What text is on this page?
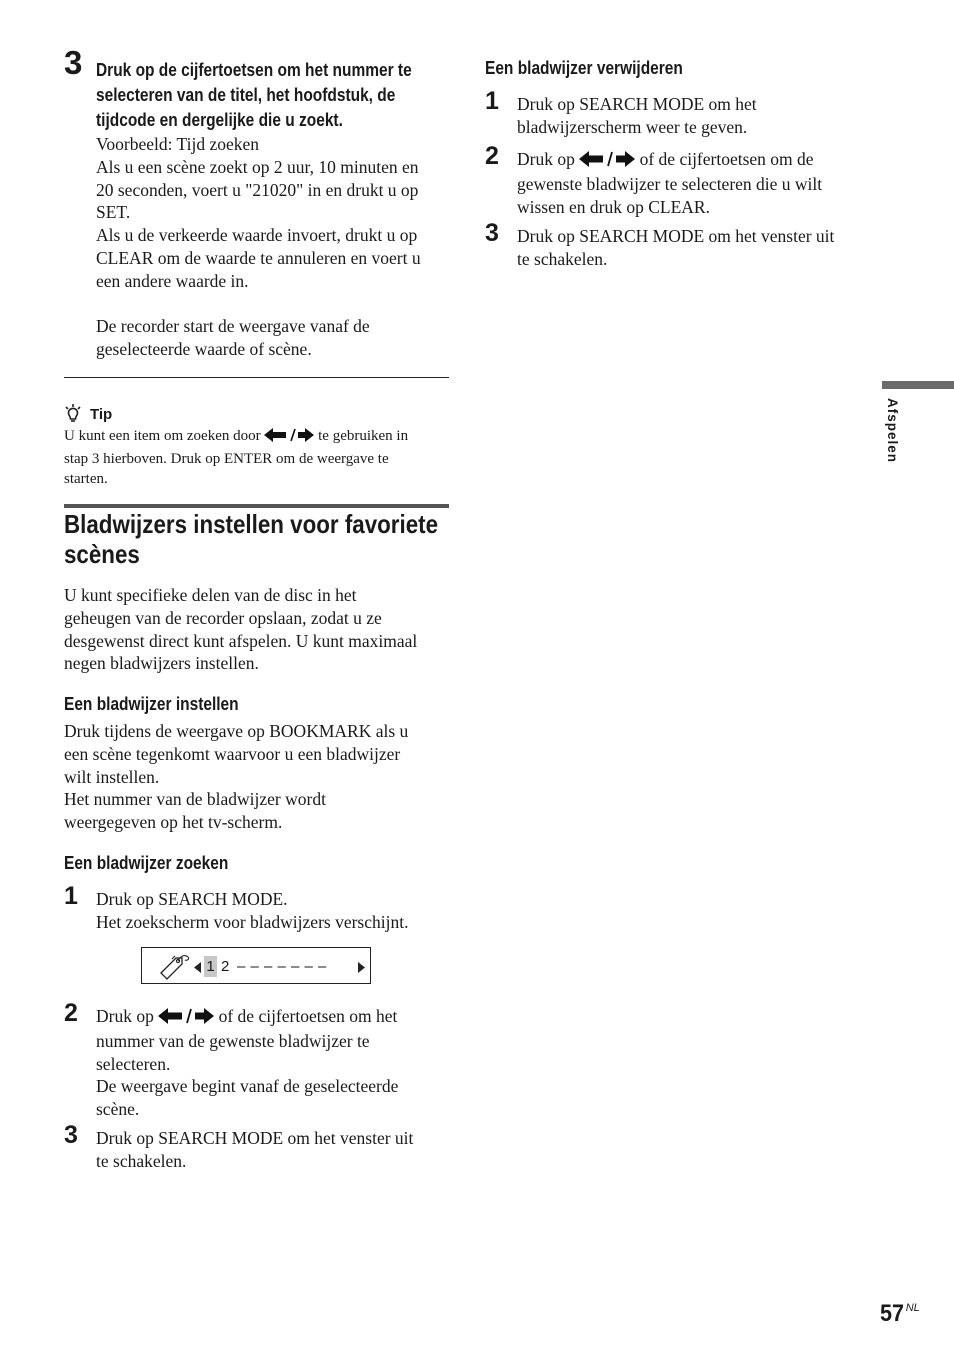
3 Druk op de cijfertoetsen om het nummer te
selecteren van de titel, het hoofdstuk, de
tijdcode en dergelijke die u zoekt.
Voorbeeld: Tijd zoeken
Als u een scène zoekt op 2 uur, 10 minuten en
20 seconden, voert u "21020" in en drukt u op
SET.
Als u de verkeerde waarde invoert, drukt u op
CLEAR om de waarde te annuleren en voert u
een andere waarde in.
De recorder start de weergave vanaf de
geselecteerde waarde of scène.
Tip
U kunt een item om zoeken door	te gebruiken in
stap 3 hierboven. Druk op ENTER om de weergave te
starten.
Bladwijzers instellen voor favoriete
scènes
U kunt specifieke delen van de disc in het
geheugen van de recorder opslaan, zodat u ze
desgewenst direct kunt afspelen. U kunt maximaal
negen bladwijzers instellen.
Een bladwijzer instellen
Druk tijdens de weergave op BOOKMARK als u
een scène tegenkomt waarvoor u een bladwijzer
wilt instellen.
Het nummer van de bladwijzer wordt
weergegeven op het tv-scherm.
Een bladwijzer zoeken
1 Druk op SEARCH MODE.
Het zoekscherm voor bladwijzers verschijnt.
1 2 – – – – – – –
2 Druk op	of de cijfertoetsen om het
nummer van de gewenste bladwijzer te
selecteren.
De weergave begint vanaf de geselecteerde
scène.
3 Druk op SEARCH MODE om het venster uit
te schakelen.
Een bladwijzer verwijderen
1 Druk op SEARCH MODE om het
bladwijzerscherm weer te geven.
2 Druk op	of de cijfertoetsen om de
gewenste bladwijzer te selecteren die u wilt
wissen en druk op CLEAR.
3 Druk op SEARCH MODE om het venster uit
te schakelen.
Afspelen
57 $^{NL}$
